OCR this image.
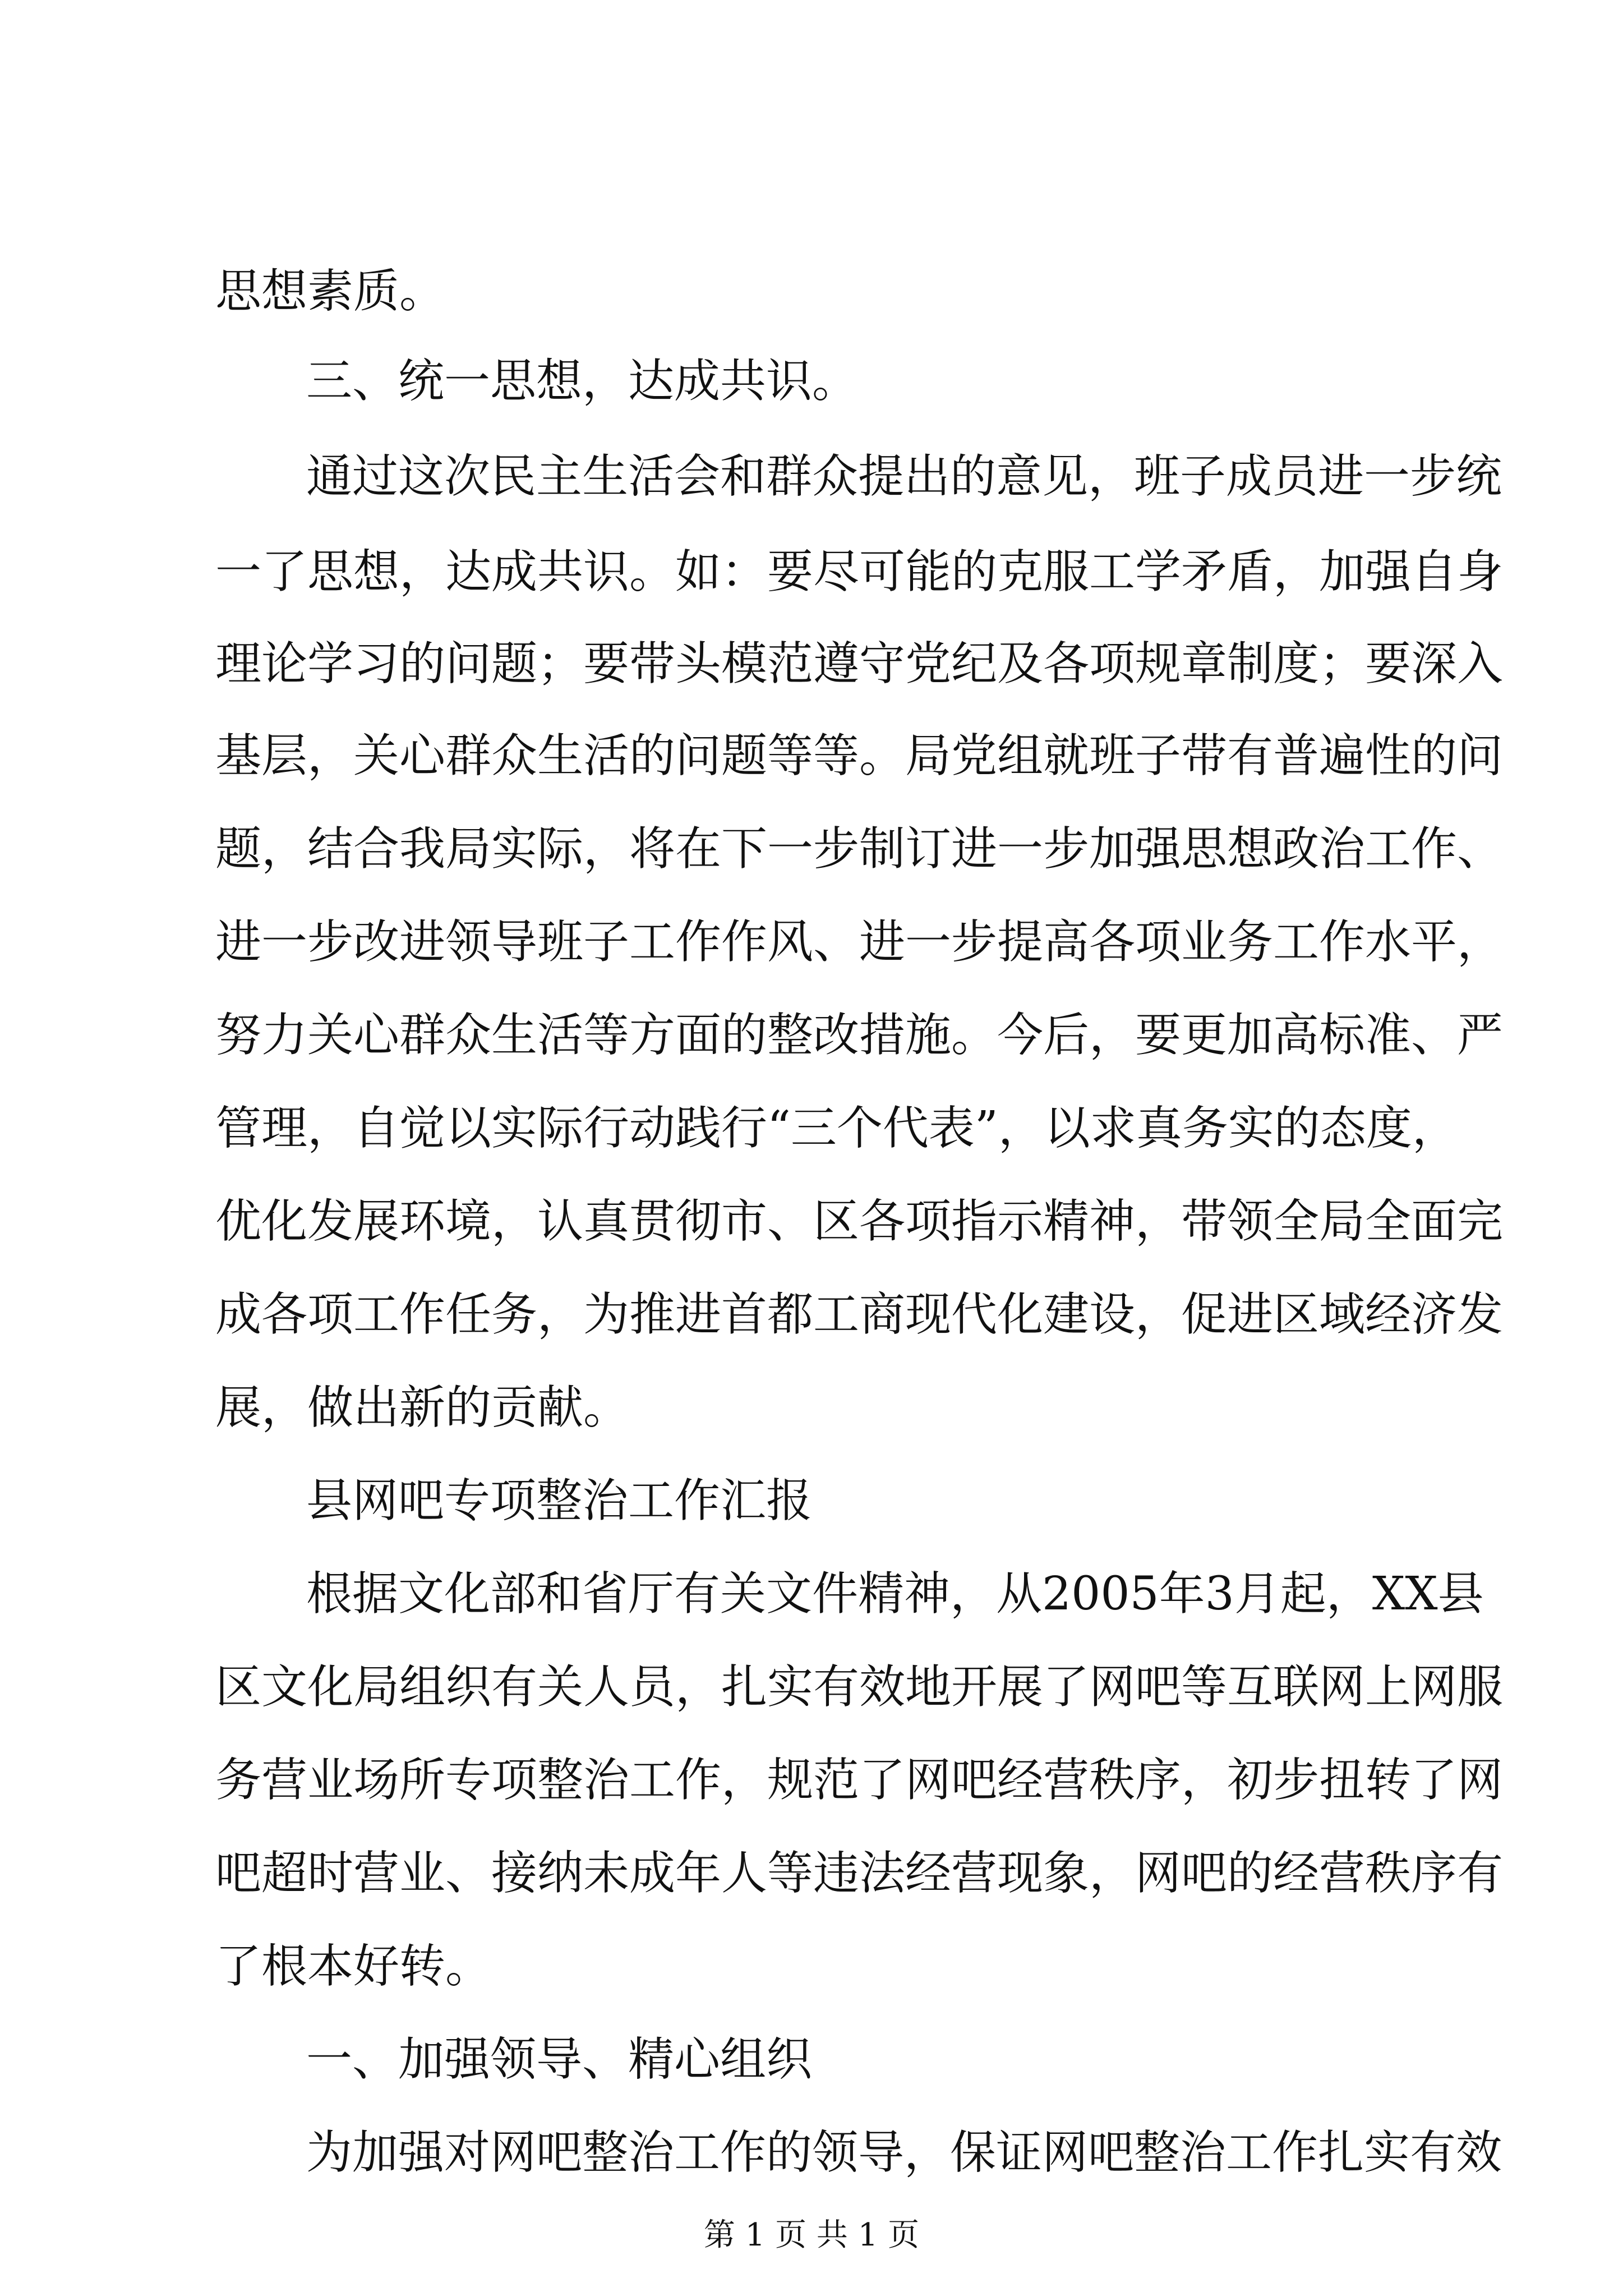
思想素质。
三、统一思想，达成共识。
通过这次民主生活会和群众提出的意见，班子成员进一步统
一了思想，达成共识。如：要尽可能的克服工学矛盾，加强自身
理论学习的问题；要带头模范遵守党纪及各项规章制度；要深入
基层，关心群众生活的问题等等。局党组就班子带有普遍性的问
题，结合我局实际，将在下一步制订进一步加强思想政治工作、
进一步改进领导班子工作作风、进一步提高各项业务工作水平，
努力关心群众生活等方面的整改措施。今后，要更加高标准、严
管理，自觉以实际行动践行“三个代表”，以求真务实的态度，
优化发展环境，认真贯彻市、区各项指示精神，带领全局全面完
成各项工作任务，为推进首都工商现代化建设，促进区域经济发
展，做出新的贡献。
县网吧专项整治工作汇报
根据文化部和省厅有关文件精神，从2005年3月起，XX县
区文化局组织有关人员，扎实有效地开展了网吧等互联网上网服
务营业场所专项整治工作，规范了网吧经营秩序，初步扭转了网
吧超时营业、接纳未成年人等违法经营现象，网吧的经营秩序有
了根本好转。
一、加强领导、精心组织
为加强对网吧整治工作的领导，保证网吧整治工作扎实有效
第 1 页 共 1 页
